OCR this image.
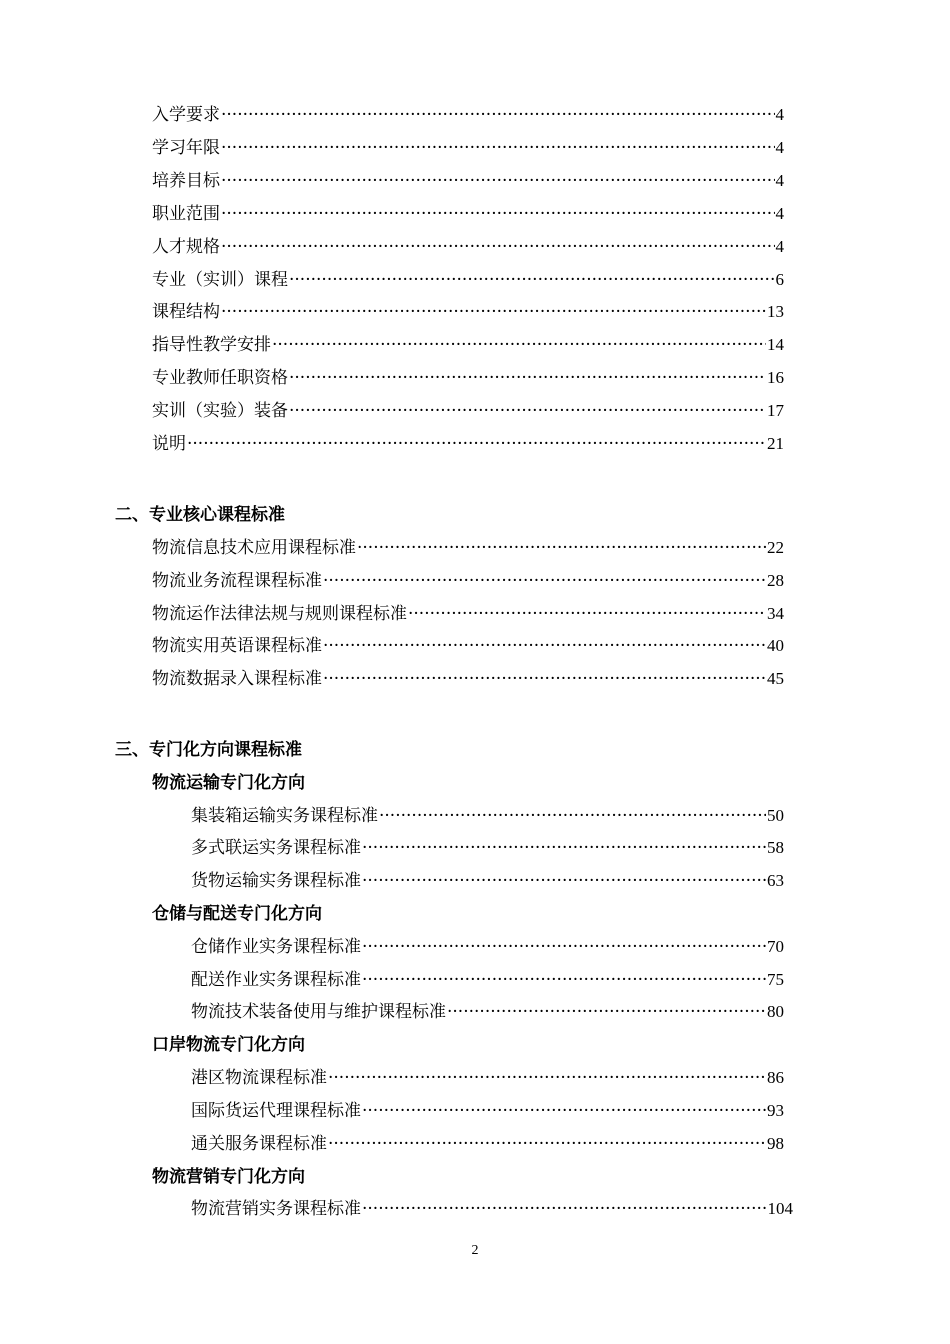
入学要求 ·····	4
学习年限 ·····	4
培养目标 ·····	4
职业范围 ·····	4
人才规格 ·····	4
专业（实训）课程 ·····	6
课程结构 ·····	13
指导性教学安排 ·····	14
专业教师任职资格 ·····	16
实训（实验）装备 ·····	17
说明 ·····	21
二、专业核心课程标准
物流信息技术应用课程标准 ·····	22
物流业务流程课程标准 ·····	28
物流运作法律法规与规则课程标准 ·····	34
物流实用英语课程标准 ·····	40
物流数据录入课程标准 ·····	45
三、专门化方向课程标准
物流运输专门化方向
集装箱运输实务课程标准 ·····	50
多式联运实务课程标准 ·····	58
货物运输实务课程标准 ·····	63
仓储与配送专门化方向
仓储作业实务课程标准 ·····	70
配送作业实务课程标准 ·····	75
物流技术装备使用与维护课程标准 ·····	80
口岸物流专门化方向
港区物流课程标准 ·····	86
国际货运代理课程标准 ·····	93
通关服务课程标准 ·····	98
物流营销专门化方向
物流营销实务课程标准 ·····	104
2
